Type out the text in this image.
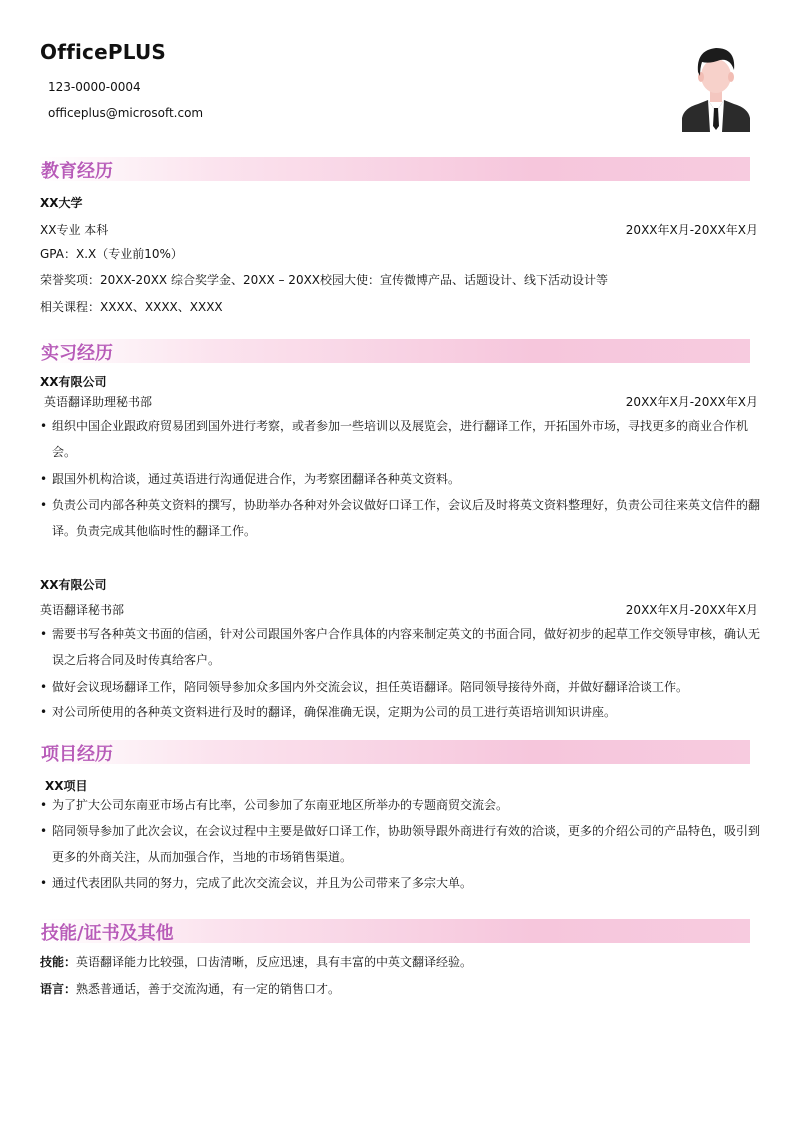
OfficePLUS
123-0000-0004
officeplus@microsoft.com
教育经历
XX大学
XX专业 本科	20XX年X月-20XX年X月
GPA：X.X（专业前10%）
荣誉奖项：20XX-20XX 综合奖学金、20XX – 20XX校园大使：宣传微博产品、话题设计、线下活动设计等
相关课程：XXXX、XXXX、XXXX
实习经历
XX有限公司
英语翻译助理秘书部	20XX年X月-20XX年X月
• 组织中国企业跟政府贸易团到国外进行考察，或者参加一些培训以及展览会，进行翻译工作，开拓国外市场，寻找更多的商业合作机会。
• 跟国外机构洽谈，通过英语进行沟通促进合作，为考察团翻译各种英文资料。
• 负责公司内部各种英文资料的撰写，协助举办各种对外会议做好口译工作，会议后及时将英文资料整理好，负责公司往来英文信件的翻译。负责完成其他临时性的翻译工作。
XX有限公司
英语翻译秘书部	20XX年X月-20XX年X月
• 需要书写各种英文书面的信函，针对公司跟国外客户合作具体的内容来制定英文的书面合同，做好初步的起草工作交领导审核，确认无误之后将合同及时传真给客户。
• 做好会议现场翻译工作，陪同领导参加众多国内外交流会议，担任英语翻译。陪同领导接待外商，并做好翻译洽谈工作。
• 对公司所使用的各种英文资料进行及时的翻译，确保准确无误，定期为公司的员工进行英语培训知识讲座。
项目经历
XX项目
• 为了扩大公司东南亚市场占有比率，公司参加了东南亚地区所举办的专题商贸交流会。
• 陪同领导参加了此次会议，在会议过程中主要是做好口译工作，协助领导跟外商进行有效的洽谈，更多的介绍公司的产品特色，吸引到更多的外商关注，从而加强合作，当地的市场销售渠道。
• 通过代表团队共同的努力，完成了此次交流会议，并且为公司带来了多宗大单。
技能/证书及其他
技能：英语翻译能力比较强，口齿清晰，反应迅速，具有丰富的中英文翻译经验。
语言：熟悉普通话，善于交流沟通，有一定的销售口才。
